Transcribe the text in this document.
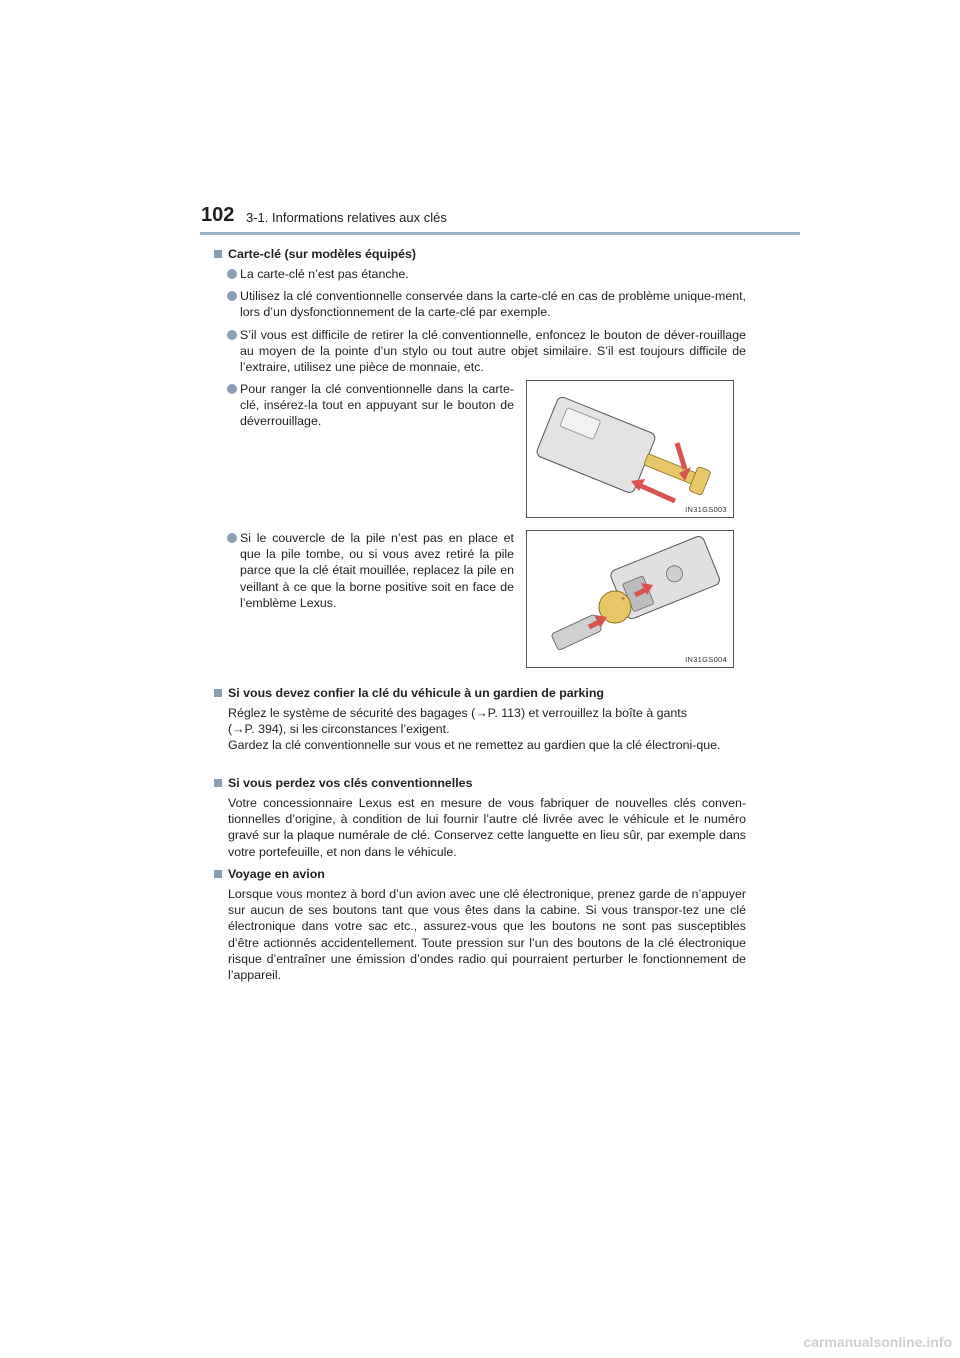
102 3-1. Informations relatives aux clés
Carte-clé (sur modèles équipés)
La carte-clé n’est pas étanche.
Utilisez la clé conventionnelle conservée dans la carte-clé en cas de problème unique-ment, lors d’un dysfonctionnement de la carte-clé par exemple.
S’il vous est difficile de retirer la clé conventionnelle, enfoncez le bouton de déver-rouillage au moyen de la pointe d’un stylo ou tout autre objet similaire. S’il est toujours difficile de l’extraire, utilisez une pièce de monnaie, etc.
Pour ranger la clé conventionnelle dans la carte-clé, insérez-la tout en appuyant sur le bouton de déverrouillage.
IN31GS003
Si le couvercle de la pile n’est pas en place et que la pile tombe, ou si vous avez retiré la pile parce que la clé était mouillée, replacez la pile en veillant à ce que la borne positive soit en face de l’emblème Lexus.	+
IN31GS004
Si vous devez confier la clé du véhicule à un gardien de parking
Réglez le système de sécurité des bagages (→P. 113) et verrouillez la boîte à gants
(→P. 394), si les circonstances l’exigent.
Gardez la clé conventionnelle sur vous et ne remettez au gardien que la clé électroni-que.
Si vous perdez vos clés conventionnelles
Votre concessionnaire Lexus est en mesure de vous fabriquer de nouvelles clés conven-tionnelles d’origine, à condition de lui fournir l’autre clé livrée avec le véhicule et le numéro gravé sur la plaque numérale de clé. Conservez cette languette en lieu sûr, par exemple dans votre portefeuille, et non dans le véhicule.
Voyage en avion
Lorsque vous montez à bord d’un avion avec une clé électronique, prenez garde de n’appuyer sur aucun de ses boutons tant que vous êtes dans la cabine. Si vous transpor-tez une clé électronique dans votre sac etc., assurez-vous que les boutons ne sont pas susceptibles d’être actionnés accidentellement. Toute pression sur l’un des boutons de la clé électronique risque d’entraîner une émission d’ondes radio qui pourraient perturber le fonctionnement de l’appareil.
carmanualsonline.info
